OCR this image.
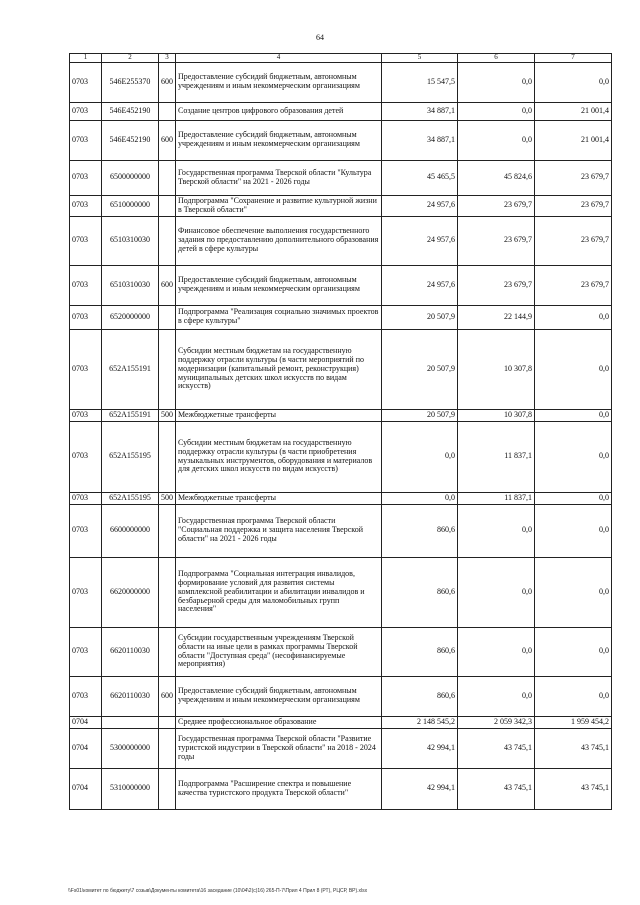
64
1	2	3	4	5	6	7
0703	546E255370	600	Предоставление субсидий бюджетным, автономным учреждениям и иным некоммерческим организациям	15 547,5	0,0	0,0
0703	546E452190		Создание центров цифрового образования детей	34 887,1	0,0	21 001,4
0703	546E452190	600	Предоставление субсидий бюджетным, автономным учреждениям и иным некоммерческим организациям	34 887,1	0,0	21 001,4
0703	6500000000		Государственная программа Тверской области "Культура Тверской области" на 2021 - 2026 годы	45 465,5	45 824,6	23 679,7
0703	6510000000		Подпрограмма "Сохранение и развитие культурной жизни в Тверской области"	24 957,6	23 679,7	23 679,7
0703	6510310030		Финансовое обеспечение выполнения государственного задания по предоставлению дополнительного образования детей в сфере культуры	24 957,6	23 679,7	23 679,7
0703	6510310030	600	Предоставление субсидий бюджетным, автономным учреждениям и иным некоммерческим организациям	24 957,6	23 679,7	23 679,7
0703	6520000000		Подпрограмма "Реализация социально значимых проектов в сфере культуры"	20 507,9	22 144,9	0,0
0703	652A155191		Субсидии местным бюджетам на государственную поддержку отрасли культуры (в части мероприятий по модернизации (капитальный ремонт, реконструкция) муниципальных детских школ искусств по видам искусств)	20 507,9	10 307,8	0,0
0703	652A155191	500	Межбюджетные трансферты	20 507,9	10 307,8	0,0
0703	652A155195		Субсидии местным бюджетам на государственную поддержку отрасли культуры (в части приобретения музыкальных инструментов, оборудования и материалов для детских школ искусств по видам искусств)	0,0	11 837,1	0,0
0703	652A155195	500	Межбюджетные трансферты	0,0	11 837,1	0,0
0703	6600000000		Государственная программа Тверской области "Социальная поддержка и защита населения Тверской области" на 2021 - 2026 годы	860,6	0,0	0,0
0703	6620000000		Подпрограмма "Социальная интеграция инвалидов, формирование условий для развития системы комплексной реабилитации и абилитации инвалидов и безбарьерной среды для маломобильных групп населения"	860,6	0,0	0,0
0703	6620110030		Субсидии государственным учреждениям Тверской области на иные цели в рамках программы Тверской области "Доступная среда" (несофинансируемые мероприятия)	860,6	0,0	0,0
0703	6620110030	600	Предоставление субсидий бюджетным, автономным учреждениям и иным некоммерческим организациям	860,6	0,0	0,0
0704			Среднее профессиональное образование	2 148 545,2	2 059 342,3	1 959 454,2
0704	5300000000		Государственная программа Тверской области "Развитие туристской индустрии в Тверской области" на 2018 - 2024 годы	42 994,1	43 745,1	43 745,1
0704	5310000000		Подпрограмма "Расширение спектра и повышение качества туристского продукта Тверской области"	42 994,1	43 745,1	43 745,1
\\Fs01\комитет по бюджету\7 созыв\Документы комитета\16 заседание (10\04\2(с)16) 265-П-7\Прил 4 Прил 8 (РТ), РЦСР, ВР).xlsx
